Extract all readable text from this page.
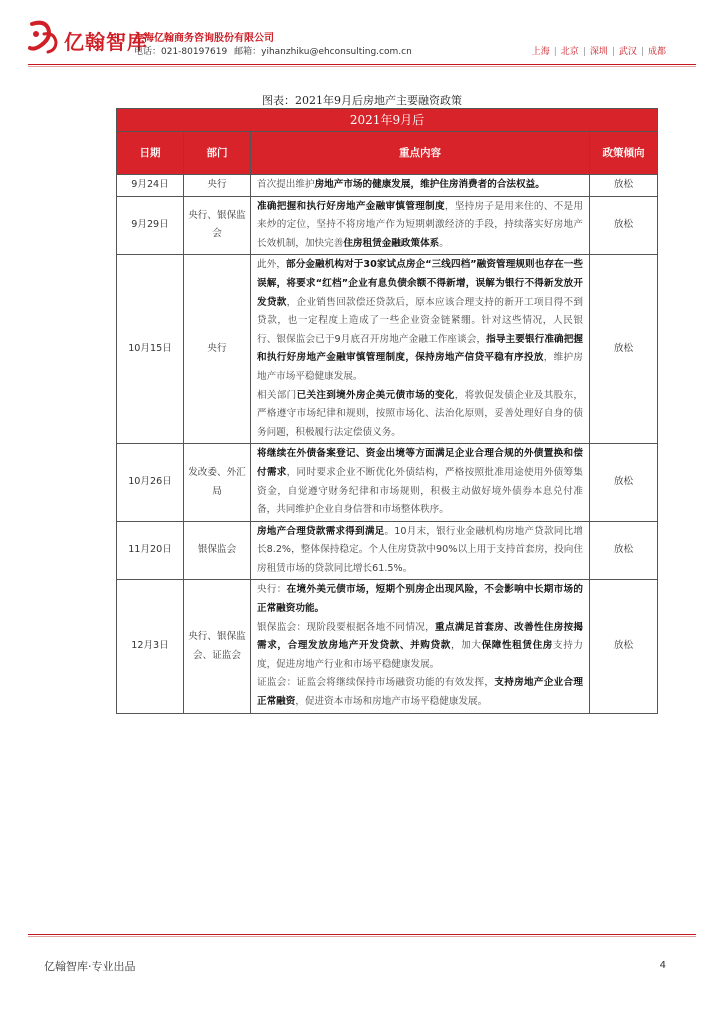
亿翰智库
上海亿翰商务咨询股份有限公司
电话：021-80197619 邮箱：yihanzhiku@ehconsulting.com.cn	上海 | 北京 | 深圳 | 武汉 | 成都
图表：2021年9月后房地产主要融资政策
2021年9月后			
日期	部门	重点内容	政策倾向
9月24日	央行	首次提出维护房地产市场的健康发展，维护住房消费者的合法权益。	放松
9月29日	央行、银保监会	准确把握和执行好房地产金融审慎管理制度，坚持房子是用来住的、不是用来炒的定位，坚持不将房地产作为短期刺激经济的手段，持续落实好房地产长效机制，加快完善住房租赁金融政策体系。	放松
10月15日	央行	此外，部分金融机构对于30家试点房企“三线四档”融资管理规则也存在一些误解，将要求“红档”企业有息负债余额不得新增，误解为银行不得新发放开发贷款，企业销售回款偿还贷款后，原本应该合理支持的新开工项目得不到贷款，也一定程度上造成了一些企业资金链紧绷。针对这些情况，人民银行、银保监会已于9月底召开房地产金融工作座谈会，指导主要银行准确把握和执行好房地产金融审慎管理制度，保持房地产信贷平稳有序投放，维护房地产市场平稳健康发展。

相关部门已关注到境外房企美元债市场的变化，将敦促发债企业及其股东，严格遵守市场纪律和规则，按照市场化、法治化原则，妥善处理好自身的债务问题，积极履行法定偿债义务。	放松
10月26日	发改委、外汇局	将继续在外债备案登记、资金出境等方面满足企业合理合规的外债置换和偿付需求，同时要求企业不断优化外债结构，严格按照批准用途使用外债筹集资金，自觉遵守财务纪律和市场规则，积极主动做好境外债券本息兑付准备，共同维护企业自身信誉和市场整体秩序。	放松
11月20日	银保监会	房地产合理贷款需求得到满足。10月末，银行业金融机构房地产贷款同比增长8.2%，整体保持稳定。个人住房贷款中90%以上用于支持首套房，投向住房租赁市场的贷款同比增长61.5%。	放松
12月3日	央行、银保监会、证监会	央行：在境外美元债市场，短期个别房企出现风险，不会影响中长期市场的正常融资功能。

银保监会：现阶段要根据各地不同情况，重点满足首套房、改善性住房按揭需求，合理发放房地产开发贷款、并购贷款，加大保障性租赁住房支持力度，促进房地产行业和市场平稳健康发展。

证监会：证监会将继续保持市场融资功能的有效发挥，支持房地产企业合理正常融资，促进资本市场和房地产市场平稳健康发展。	放松
亿翰智库·专业出品	4
